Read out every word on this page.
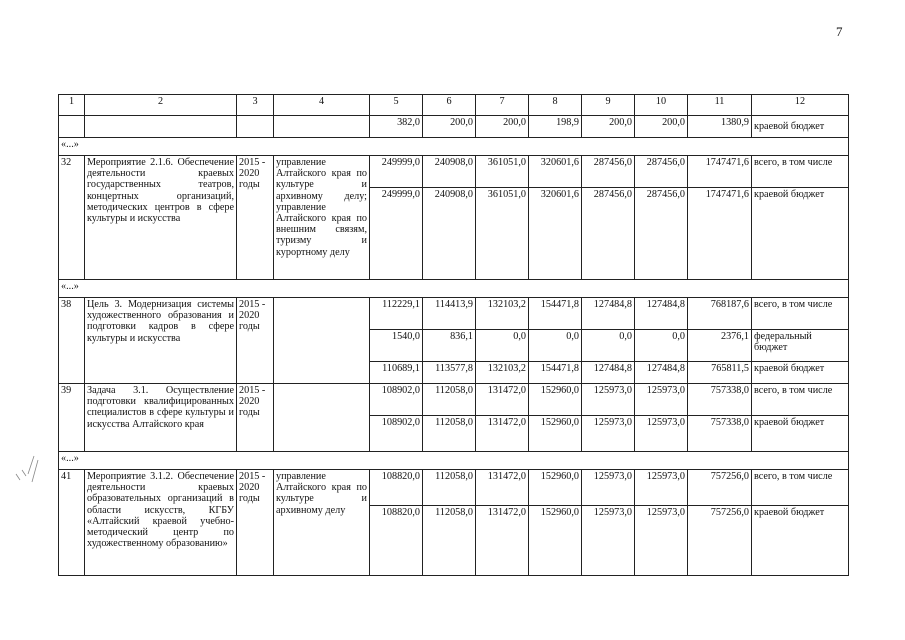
7
1	2	3	4	5	6	7	8	9	10	11	12
				382,0	200,0	200,0	198,9	200,0	200,0	1380,9	краевой бюджет
«...»											
32	Мероприятие 2.1.6. Обеспечение деятельности краевых государственных театров, концертных организаций, методических центров в сфере культуры и искусства	2015 - 2020 годы	управление Алтайского края по культуре и архивному делу; управление Алтайского края по внешним связям, туризму и курортному делу	249999,0	240908,0	361051,0	320601,6	287456,0	287456,0	1747471,6	всего, в том числе
				249999,0	240908,0	361051,0	320601,6	287456,0	287456,0	1747471,6	краевой бюджет
«...»											
38	Цель 3. Модернизация системы художественного образования и подготовки кадров в сфере культуры и искусства	2015 - 2020 годы		112229,1	114413,9	132103,2	154471,8	127484,8	127484,8	768187,6	всего, в том числе
				1540,0	836,1	0,0	0,0	0,0	0,0	2376,1	федеральный бюджет
				110689,1	113577,8	132103,2	154471,8	127484,8	127484,8	765811,5	краевой бюджет
39	Задача 3.1. Осуществление подготовки квалифицированных специалистов в сфере культуры и искусства Алтайского края	2015 - 2020 годы		108902,0	112058,0	131472,0	152960,0	125973,0	125973,0	757338,0	всего, в том числе
				108902,0	112058,0	131472,0	152960,0	125973,0	125973,0	757338,0	краевой бюджет
«...»											
41	Мероприятие 3.1.2. Обеспечение деятельности краевых образовательных организаций в области искусств, КГБУ «Алтайский краевой учебно-методический центр по художественному образованию»	2015 - 2020 годы	управление Алтайского края по культуре и архивному делу	108820,0	112058,0	131472,0	152960,0	125973,0	125973,0	757256,0	всего, в том числе
				108820,0	112058,0	131472,0	152960,0	125973,0	125973,0	757256,0	краевой бюджет
